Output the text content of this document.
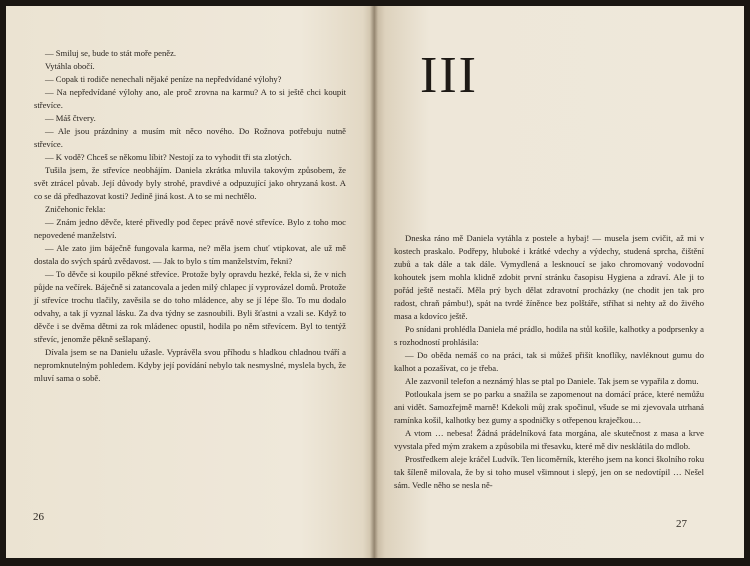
— Smiluj se, bude to stát moře peněz.

Vytáhla obočí.

— Copak ti rodiče nenechali nějaké peníze na nepředvídané výlohy?

— Na nepředvídané výlohy ano, ale proč zrovna na karmu? A to si ještě chci koupit střevíce.

— Máš čtvery.

— Ale jsou prázdniny a musím mít něco nového. Do Rožnova potřebuju nutně střevíce.

— K vodě? Chceš se někomu líbit? Nestojí za to vyhodit tři sta zlotých.

Tušila jsem, že střevíce neobhájím. Daniela zkrátka mluvila takovým způsobem, že svět ztrácel půvab. Její důvody byly strohé, pravdivé a odpuzující jako ohryzaná kost. A co se dá předhazovat kosti? Jedině jiná kost. A to se mi nechtělo.

Zničehonic řekla:

— Znám jedno děvče, které přivedly pod čepec právě nové střevíce. Bylo z toho moc nepovedené manželství.

— Ale zato jim báječně fungovala karma, ne? měla jsem chuť vtipkovat, ale už mě dostala do svých spárů zvědavost. — Jak to bylo s tím manželstvím, řekni?

— To děvče si koupilo pěkné střevíce. Protože byly opravdu hezké, řekla si, že v nich půjde na večírek. Báječně si zatancovala a jeden milý chlapec jí vyprovázel domů. Protože jí střevíce trochu tlačily, zavěsila se do toho mládence, aby se jí lépe šlo. To mu dodalo odvahy, a tak jí vyznal lásku. Za dva týdny se zasnoubili. Byli šťastni a vzali se. Když to děvče i se dvěma dětmi za rok mládenec opustil, hodila po něm střevícem. Byl to tentýž střevíc, jenomže pěkně sešlapaný.

Dívala jsem se na Danielu užasle. Vyprávěla svou příhodu s hladkou chladnou tváří a nepromknutelným pohledem. Kdyby její povídání nebylo tak nesmyslné, myslela bych, že mluví sama o sobě.

26
III

Dneska ráno mě Daniela vytáhla z postele a hybaj! — musela jsem cvičit, až mi v kostech praskalo. Podřepy, hluboké i krátké vdechy a výdechy, studená sprcha, čištění zubů a tak dále a tak dále. Vymydlená a lesknoucí se jako chromovaný vodovodní kohoutek jsem mohla klidně zdobit první stránku časopisu Hygiena a zdraví. Ale ji to pořád ještě nestačí. Měla prý bych dělat zdravotní procházky (ne chodit jen tak pro radost, chraň pámbu!), spát na tvrdé žíněnce bez polštáře, stříhat si nehty až do živého masa a kdovíco ještě.

Po snídani prohlédla Daniela mé prádlo, hodila na stůl košile, kalhotky a podprsenky a s rozhodností prohlásila:

— Do oběda nemáš co na práci, tak si můžeš přišít knoflíky, navléknout gumu do kalhot a pozašívat, co je třeba.

Ale zazvonil telefon a neznámý hlas se ptal po Daniele. Tak jsem se vypařila z domu.

Potloukala jsem se po parku a snažila se zapomenout na domácí práce, které nemůžu ani vidět. Samozřejmě marně! Kdekoli můj zrak spočinul, všude se mi zjevovala utrhaná ramínka košil, kalhotky bez gumy a spodničky s otřepenou kraječkou…

A vtom … nebesa! Žádná prádelníková fata morgána, ale skutečnost z masa a krve vyvstala před mým zrakem a způsobila mi třesavku, které mě div nesklátila do mdlob.

Prostředkem aleje kráčel Ludvík. Ten licoměrník, kterého jsem na konci školního roku tak šíleně milovala, že by si toho musel všimnout i slepý, jen on se nedovtípil … Nešel sám. Vedle něho se nesla ně-

27
